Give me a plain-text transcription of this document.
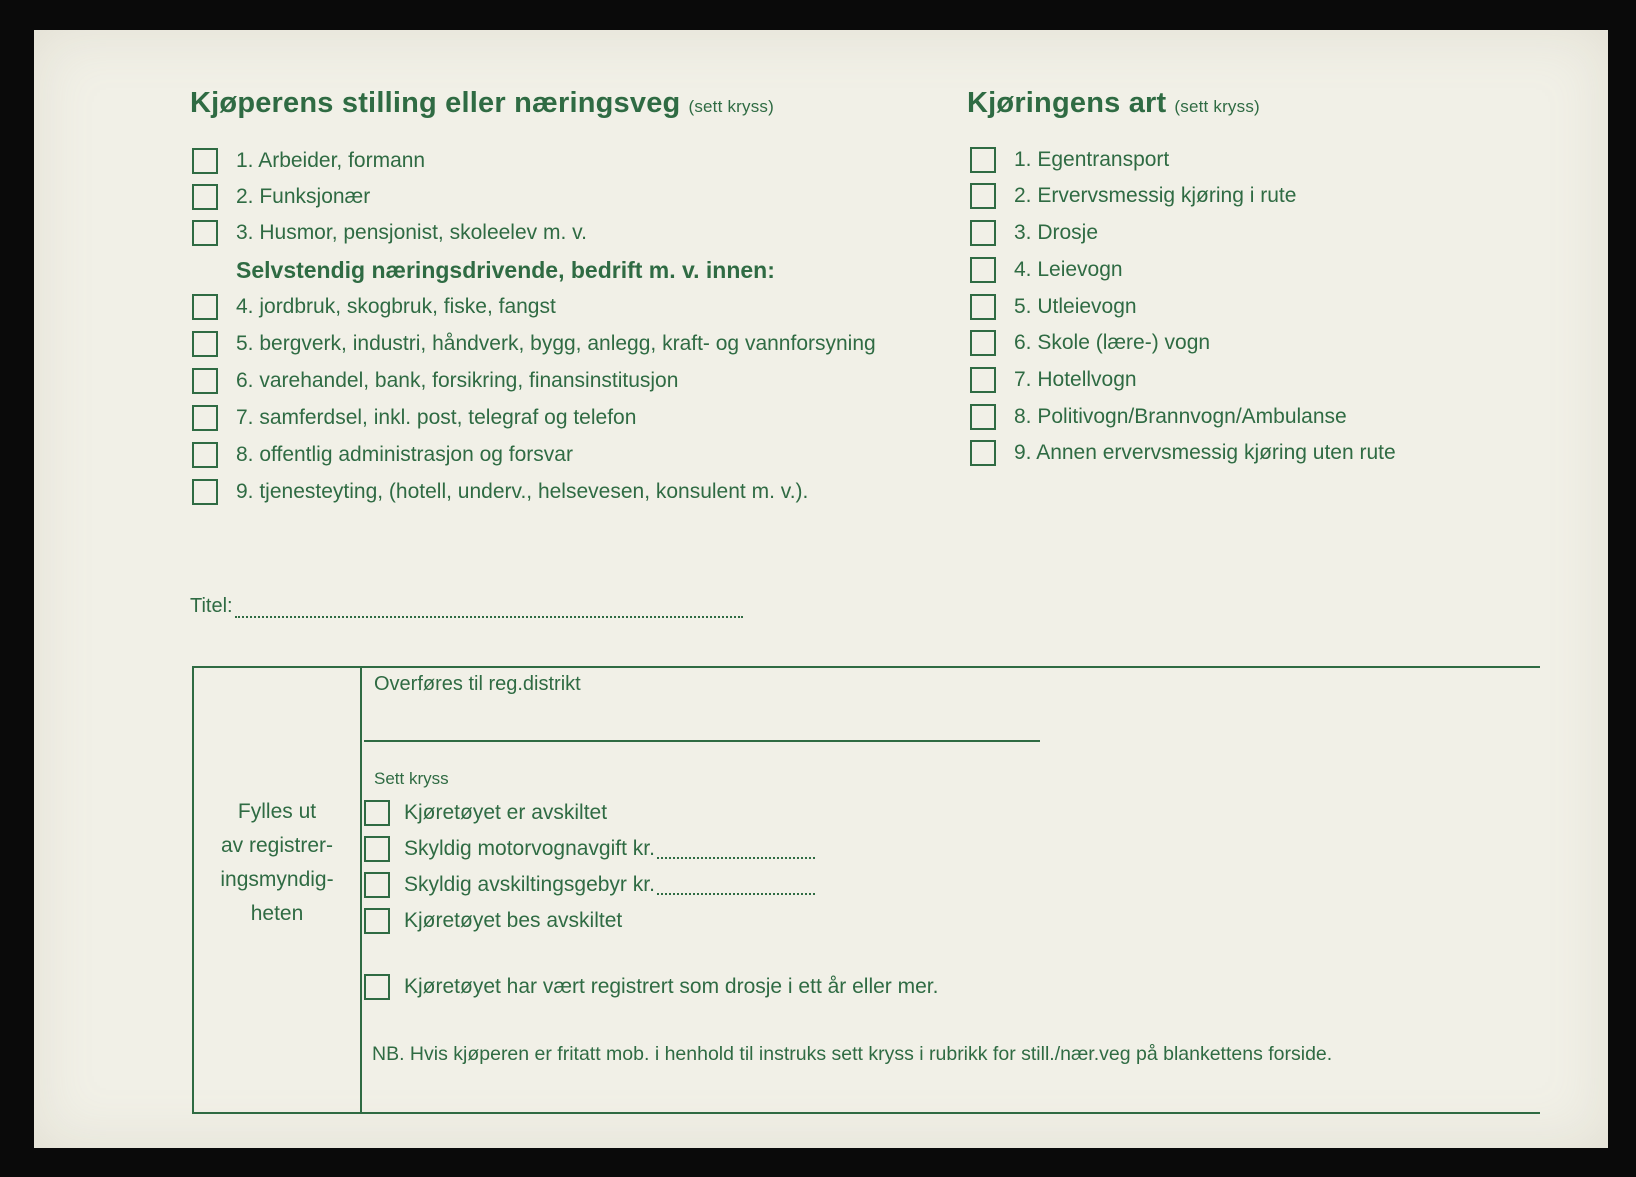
Kjøperens stilling eller næringsveg (sett kryss)	Kjøringens art (sett kryss)
1. Arbeider, formann
2. Funksjonær
3. Husmor, pensjonist, skoleelev m. v.
Selvstendig næringsdrivende, bedrift m. v. innen:
4. jordbruk, skogbruk, fiske, fangst
5. bergverk, industri, håndverk, bygg, anlegg, kraft- og vannforsyning
6. varehandel, bank, forsikring, finansinstitusjon
7. samferdsel, inkl. post, telegraf og telefon
8. offentlig administrasjon og forsvar
9. tjenesteyting, (hotell, underv., helsevesen, konsulent m. v.).
1. Egentransport
2. Ervervsmessig kjøring i rute
3. Drosje
4. Leievogn
5. Utleievogn
6. Skole (lære-) vogn
7. Hotellvogn
8. Politivogn/Brannvogn/Ambulanse
9. Annen ervervsmessig kjøring uten rute
Titel:
Fylles ut
av registrer-
ingsmyndig-
heten
Overføres til reg.distrikt
Sett kryss
Kjøretøyet er avskiltet
Skyldig motorvognavgift kr.
Skyldig avskiltingsgebyr kr.
Kjøretøyet bes avskiltet
Kjøretøyet har vært registrert som drosje i ett år eller mer.
NB. Hvis kjøperen er fritatt mob. i henhold til instruks sett kryss i rubrikk for still./nær.veg på blankettens forside.
